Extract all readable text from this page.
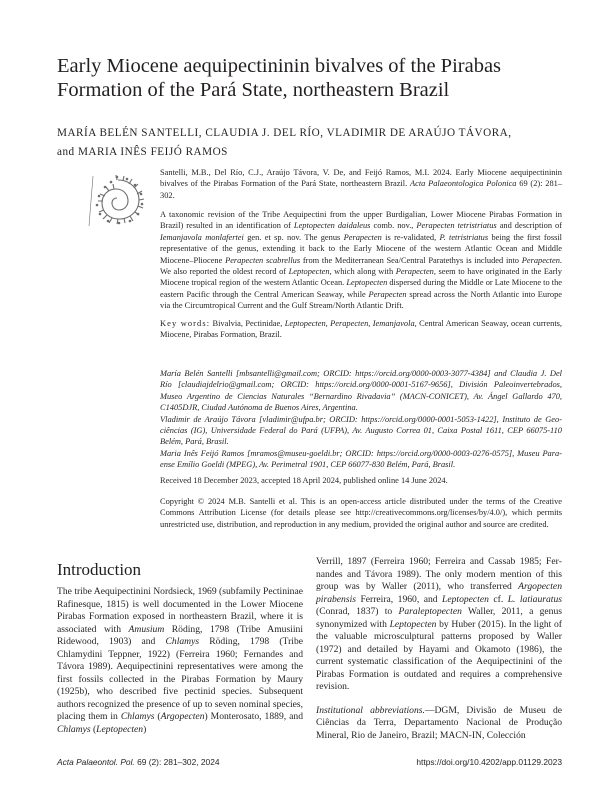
Early Miocene aequipectininin bivalves of the Pirabas
Formation of the Pará State, northeastern Brazil
MARÍA BELÉN SANTELLI, CLAUDIA J. DEL RÍO, VLADIMIR DE ARAÚJO TÁVORA,
and MARIA INÊS FEIJÓ RAMOS
Santelli, M.B., Del Río, C.J., Araújo Távora, V. De, and Feijó Ramos, M.I. 2024. Early Miocene aequipectininin bivalves of the Pirabas Formation of the Pará State, northeastern Brazil. Acta Palaeontologica Polonica 69 (2): 281–302.
A taxonomic revision of the Tribe Aequipectini from the upper Burdigalian, Lower Miocene Pirabas Formation in Brazil) resulted in an identification of Leptopecten daidaleus comb. nov., Perapecten tetristriatus and description of Iemanjavola monlafertei gen. et sp. nov. The genus Perapecten is re-validated, P. tetristriatus being the first fossil representative of the genus, extending it back to the Early Miocene of the western Atlantic Ocean and Middle Miocene–Pliocene Perapecten scabrellus from the Mediterranean Sea/Central Paratethys is included into Perapecten. We also reported the oldest record of Leptopecten, which along with Perapecten, seem to have originated in the Early Miocene tropical region of the western Atlantic Ocean. Leptopecten dispersed during the Middle or Late Miocene to the eastern Pacific through the Central American Seaway, while Perapecten spread across the North Atlantic into Europe via the Circumtropical Current and the Gulf Stream/North Atlantic Drift.
Key words: Bivalvia, Pectinidae, Leptopecten, Perapecten, Iemanjavola, Central American Seaway, ocean currents, Miocene, Pirabas Formation, Brazil.

María Belén Santelli [mbsantelli@gmail.com; ORCID: https://orcid.org/0000-0003-3077-4384] and Claudia J. Del Río [claudiajdelrio@gmail.com; ORCID: https://orcid.org/0000-0001-5167-9656], División Paleoinvertebrados, Museo Argentino de Ciencias Naturales “Bernardino Rivadavia” (MACN-CONICET), Av. Ángel Gallardo 470, C1405DJR, Ciudad Autónoma de Buenos Aires, Argentina.

Vladimir de Araújo Távora [vladimir@ufpa.br; ORCID: https://orcid.org/0000-0001-5053-1422], Instituto de Geociências (IG), Universidade Federal do Pará (UFPA), Av. Augusto Correa 01, Caixa Postal 1611, CEP 66075-110 Belém, Pará, Brasil.

Maria Inês Feijó Ramos [mramos@museu-goeldi.br; ORCID: https://orcid.org/0000-0003-0276-0575], Museu Paraense Emílio Goeldi (MPEG), Av. Perimetral 1901, CEP 66077-830 Belém, Pará, Brasil.

Received 18 December 2023, accepted 18 April 2024, published online 14 June 2024.
Copyright © 2024 M.B. Santelli et al. This is an open-access article distributed under the terms of the Creative Commons Attribution License (for details please see http://creativecommons.org/licenses/by/4.0/), which permits unrestricted use, distribution, and reproduction in any medium, provided the original author and source are credited.
Introduction

The tribe Aequipectinini Nordsieck, 1969 (subfamily Pectininae Rafinesque, 1815) is well documented in the Lower Miocene Pirabas Formation exposed in northeastern Brazil, where it is associated with Amusium Röding, 1798 (Tribe Amusiini Ridewood, 1903) and Chlamys Röding, 1798 (Tribe Chlamydini Teppner, 1922) (Ferreira 1960; Fernandes and Távora 1989). Aequipectinini representatives were among the first fossils collected in the Pirabas Formation by Maury (1925b), who described five pectinid species. Subsequent authors recognized the presence of up to seven nominal species, placing them in Chlamys (Argopecten) Monterosato, 1889, and Chlamys (Leptopecten)

Verrill, 1897 (Ferreira 1960; Ferreira and Cassab 1985; Fernandes and Távora 1989). The only modern mention of this group was by Waller (2011), who transferred Argopecten pirabensis Ferreira, 1960, and Leptopecten cf. L. latiauratus (Conrad, 1837) to Paraleptopecten Waller, 2011, a genus synonymized with Leptopecten by Huber (2015). In the light of the valuable microsculptural patterns proposed by Waller (1972) and detailed by Hayami and Okamoto (1986), the current systematic classification of the Aequipectinini of the Pirabas Formation is outdated and requires a comprehensive revision.

Institutional abbreviations.—DGM, Divisão de Museu de Ciências da Terra, Departamento Nacional de Produção Mineral, Rio de Janeiro, Brazil; MACN-IN, Colección

Acta Palaeontol. Pol. 69 (2): 281–302, 2024	https://doi.org/10.4202/app.01129.2023
